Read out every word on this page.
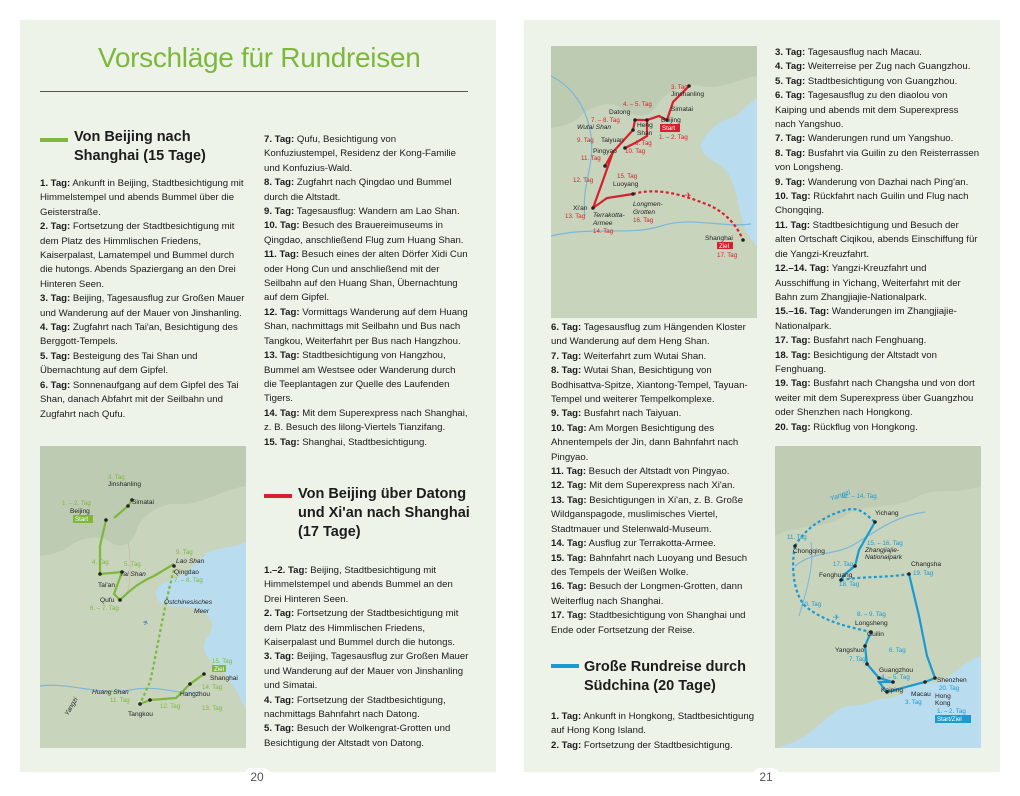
Vorschläge für Rundreisen
Von Beijing nach
Shanghai (15 Tage)

1. Tag: Ankunft in Beijing, Stadtbesichtigung mit Himmelstempel und abends Bummel über die Geisterstraße.

2. Tag: Fortsetzung der Stadtbesichtigung mit dem Platz des Himmlischen Friedens, Kaiserpalast, Lamatempel und Bummel durch die hutongs. Abends Spaziergang an den Drei Hinteren Seen.

3. Tag: Beijing, Tagesausflug zur Großen Mauer und Wanderung auf der Mauer von Jinshanling.

4. Tag: Zugfahrt nach Tai'an, Besichtigung des Berggott-Tempels.

5. Tag: Besteigung des Tai Shan und Übernachtung auf dem Gipfel.

6. Tag: Sonnenaufgang auf dem Gipfel des Tai Shan, danach Abfahrt mit der Seilbahn und Zugfahrt nach Qufu.

7. Tag: Qufu, Besichtigung von Konfuziustempel, Residenz der Kong-Familie und Konfuzius-Wald.

8. Tag: Zugfahrt nach Qingdao und Bummel durch die Altstadt.

9. Tag: Tagesausflug: Wandern am Lao Shan.

10. Tag: Besuch des Brauereimuseums in Qingdao, anschließend Flug zum Huang Shan.

11. Tag: Besuch eines der alten Dörfer Xidi Cun oder Hong Cun und anschließend mit der Seilbahn auf den Huang Shan, Übernachtung auf dem Gipfel.

12. Tag: Vormittags Wanderung auf dem Huang Shan, nachmittags mit Seilbahn und Bus nach Tangkou, Weiterfahrt per Bus nach Hangzhou.

13. Tag: Stadtbesichtigung von Hangzhou, Bummel am Westsee oder Wanderung durch die Teeplantagen zur Quelle des Laufenden Tigers.

14. Tag: Mit dem Superexpress nach Shanghai, z. B. Besuch des lilong-Viertels Tianzifang.

15. Tag: Shanghai, Stadtbesichtigung.

Von Beijing über Datong
und Xi'an nach Shanghai
(17 Tage)

1.–2. Tag: Beijing, Stadtbesichtigung mit Himmelstempel und abends Bummel an den Drei Hinteren Seen.

2. Tag: Fortsetzung der Stadtbesichtigung mit dem Platz des Himmlischen Friedens, Kaiserpalast und Bummel durch die hutongs.

3. Tag: Beijing, Tagesausflug zur Großen Mauer und Wanderung auf der Mauer von Jinshanling und Simatai.

4. Tag: Fortsetzung der Stadtbesichtigung, nachmittags Bahnfahrt nach Datong.

5. Tag: Besuch der Wolkengrat-Grotten und Besichtigung der Altstadt von Datong.

✈
3. Tag
Jinshanling
1. – 2. Tag
Beijing
Start
Simatai
4. Tag 5. Tag
Tai Shan
Tai'an
9. Tag
Lao Shan
Qingdao
7. – 8. Tag
Qufu
6. – 7. Tag
Ostchinesisches
Meer
15. Tag
Ziel
Shanghai
14. Tag
13. Tag
Hangzhou
Huang Shan
11. Tag
12. Tag
Tangkou
Yangzi
✈
3. Tag
Jinshanling
4. – 5. Tag
Datong	Simatai
7. – 8. Tag
Wutai Shan	Heng
Shan
Beijing
Start
1. – 2. Tag
9. Tag Taiyuan 6. Tag
Pingyao 10. Tag
11. Tag
12. Tag
15. Tag
Luoyang
Xi'an
13. Tag Terrakotta-
Armee
14. Tag
Longmen-
Grotten
16. Tag
Shanghai
Ziel
17. Tag

6. Tag: Tagesausflug zum Hängenden Kloster und Wanderung auf dem Heng Shan.

7. Tag: Weiterfahrt zum Wutai Shan.

8. Tag: Wutai Shan, Besichtigung von Bodhisattva-Spitze, Xiantong-Tempel, Tayuan-Tempel und weiterer Tempelkomplexe.

9. Tag: Busfahrt nach Taiyuan.

10. Tag: Am Morgen Besichtigung des Ahnentempels der Jin, dann Bahnfahrt nach Pingyao.

11. Tag: Besuch der Altstadt von Pingyao.

12. Tag: Mit dem Superexpress nach Xi'an.

13. Tag: Besichtigungen in Xi'an, z. B. Große Wildganspagode, muslimisches Viertel, Stadtmauer und Stelenwald-Museum.

14. Tag: Ausflug zur Terrakotta-Armee.

15. Tag: Bahnfahrt nach Luoyang und Besuch des Tempels der Weißen Wolke.

16. Tag: Besuch der Longmen-Grotten, dann Weiterflug nach Shanghai.

17. Tag: Stadtbesichtigung von Shanghai und Ende oder Fortsetzung der Reise.

Große Rundreise durch
Südchina (20 Tage)

1. Tag: Ankunft in Hongkong, Stadtbesichtigung auf Hong Kong Island.

2. Tag: Fortsetzung der Stadtbesichtigung.

3. Tag: Tagesausflug nach Macau.

4. Tag: Weiterreise per Zug nach Guangzhou.

5. Tag: Stadtbesichtigung von Guangzhou.

6. Tag: Tagesausflug zu den diaolou von Kaiping und abends mit dem Superexpress nach Yangshuo.

7. Tag: Wanderungen rund um Yangshuo.

8. Tag: Busfahrt via Guilin zu den Reisterrassen von Longsheng.

9. Tag: Wanderung von Dazhai nach Ping'an.

10. Tag: Rückfahrt nach Guilin und Flug nach Chongqing.

11. Tag: Stadtbesichtigung und Besuch der alten Ortschaft Ciqikou, abends Einschiffung für die Yangzi-Kreuzfahrt.

12.–14. Tag: Yangzi-Kreuzfahrt und Ausschiffung in Yichang, Weiterfahrt mit der Bahn zum Zhangjiajie-Nationalpark.

15.–16. Tag: Wanderungen im Zhangjiajie-Nationalpark.

17. Tag: Busfahrt nach Fenghuang.

18. Tag: Besichtigung der Altstadt von Fenghuang.

19. Tag: Busfahrt nach Changsha und von dort weiter mit dem Superexpress über Guangzhou oder Shenzhen nach Hongkong.

20. Tag: Rückflug von Hongkong.

✈
Yangzi
12. – 14. Tag
Yichang
11. Tag
Chongqing
15. – 16. Tag
Zhangjiajie-
Nationalpark
17. Tag
Fenghuang
18. Tag
Changsha
19. Tag
10. Tag
8. – 9. Tag
Longsheng
Guilin
Yangshuo	6. Tag
7. Tag
Guangzhou
4. – 5. Tag
Kaiping
Macau
3. Tag
Shenzhen
20. Tag
Hong
Kong
1. – 2. Tag
Start/Ziel
20	21
